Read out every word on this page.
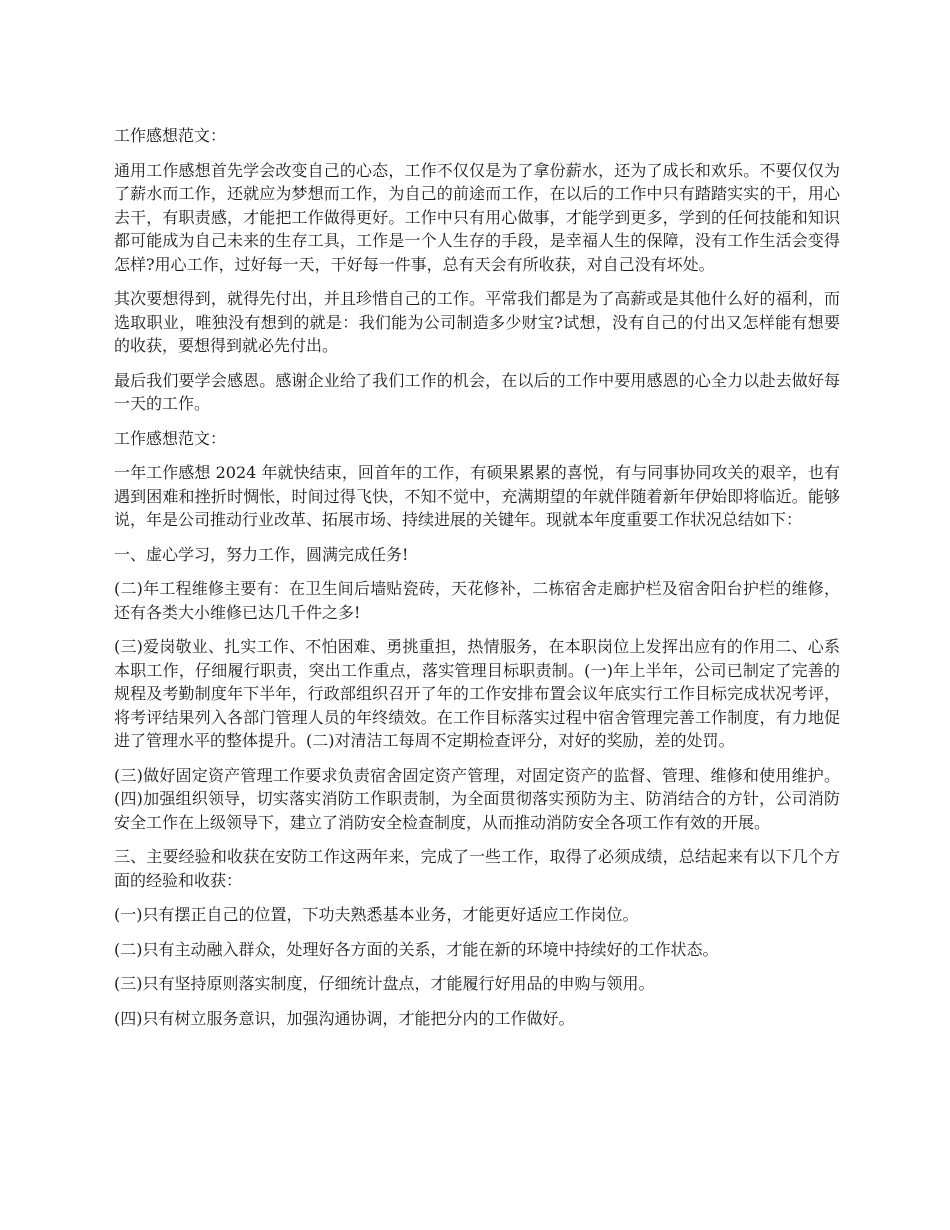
工作感想范文：

通用工作感想首先学会改变自己的心态，工作不仅仅是为了拿份薪水，还为了成长和欢乐。不要仅仅为了薪水而工作，还就应为梦想而工作，为自己的前途而工作，在以后的工作中只有踏踏实实的干，用心去干，有职责感，才能把工作做得更好。工作中只有用心做事，才能学到更多，学到的任何技能和知识都可能成为自己未来的生存工具，工作是一个人生存的手段，是幸福人生的保障，没有工作生活会变得怎样?用心工作，过好每一天，干好每一件事，总有天会有所收获，对自己没有坏处。

其次要想得到，就得先付出，并且珍惜自己的工作。平常我们都是为了高薪或是其他什么好的福利，而选取职业，唯独没有想到的就是：我们能为公司制造多少财宝?试想，没有自己的付出又怎样能有想要的收获，要想得到就必先付出。

最后我们要学会感恩。感谢企业给了我们工作的机会，在以后的工作中要用感恩的心全力以赴去做好每一天的工作。

工作感想范文：

一年工作感想 2024 年就快结束，回首年的工作，有硕果累累的喜悦，有与同事协同攻关的艰辛，也有遇到困难和挫折时惆怅，时间过得飞快，不知不觉中，充满期望的年就伴随着新年伊始即将临近。能够说，年是公司推动行业改革、拓展市场、持续进展的关键年。现就本年度重要工作状况总结如下：

一、虚心学习，努力工作，圆满完成任务!

(二)年工程维修主要有：在卫生间后墙贴瓷砖，天花修补，二栋宿舍走廊护栏及宿舍阳台护栏的维修，还有各类大小维修已达几千件之多!

(三)爱岗敬业、扎实工作、不怕困难、勇挑重担，热情服务，在本职岗位上发挥出应有的作用二、心系本职工作，仔细履行职责，突出工作重点，落实管理目标职责制。(一)年上半年，公司已制定了完善的规程及考勤制度年下半年，行政部组织召开了年的工作安排布置会议年底实行工作目标完成状况考评，将考评结果列入各部门管理人员的年终绩效。在工作目标落实过程中宿舍管理完善工作制度，有力地促进了管理水平的整体提升。(二)对清洁工每周不定期检查评分，对好的奖励，差的处罚。

(三)做好固定资产管理工作要求负责宿舍固定资产管理，对固定资产的监督、管理、维修和使用维护。(四)加强组织领导，切实落实消防工作职责制，为全面贯彻落实预防为主、防消结合的方针，公司消防安全工作在上级领导下，建立了消防安全检查制度，从而推动消防安全各项工作有效的开展。

三、主要经验和收获在安防工作这两年来，完成了一些工作，取得了必须成绩，总结起来有以下几个方面的经验和收获：

(一)只有摆正自己的位置，下功夫熟悉基本业务，才能更好适应工作岗位。

(二)只有主动融入群众，处理好各方面的关系，才能在新的环境中持续好的工作状态。

(三)只有坚持原则落实制度，仔细统计盘点，才能履行好用品的申购与领用。

(四)只有树立服务意识，加强沟通协调，才能把分内的工作做好。
